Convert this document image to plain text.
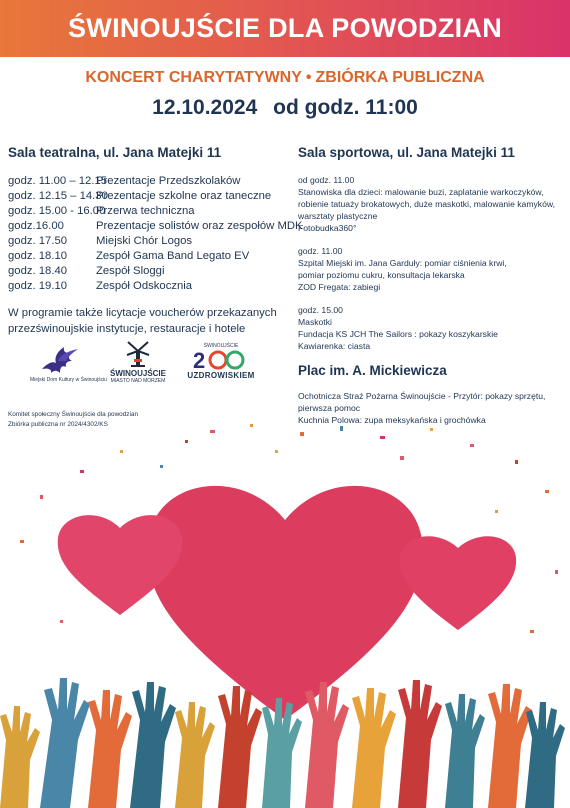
ŚWINOUJŚCIE DLA POWODZIAN
KONCERT CHARYTATYWNY • ZBIÓRKA PUBLICZNA
12.10.2024 od godz. 11:00
Sala teatralna, ul. Jana Matejki 11
godz. 11.00 – 12.15
Prezentacje Przedszkolaków
godz. 12.15 – 14.30
Prezentacje szkolne oraz taneczne
godz. 15.00 - 16.00
Przerwa techniczna
godz.16.00	Prezentacje solistów oraz zespołów MDK
godz. 17.50	Miejski Chór Logos
godz. 18.10	Zespół Gama Band Legato EV
godz. 18.40	Zespół Sloggi
godz. 19.10	Zespół Odskocznia
W programie także licytacje voucherów przekazanych przezświnoujskie instytucje, restauracje i hotele
Miejski Dom Kultury w Świnoujściu
ŚWINOUJŚCIE
MIASTO NAD MORZEM
ŚWINOUJŚCIE
2
UZDROWISKIEM
Komitet społeczny Świnoujście dla powodzian
Zbiórka publiczna nr 2024/4302/KS
Sala sportowa, ul. Jana Matejki 11
od godz. 11.00
Stanowiska dla dzieci: malowanie buzi, zaplatanie warkoczyków,
robienie tatuaży brokatowych, duże maskotki, malowanie kamyków,
warsztaty plastyczne
Fotobudka360°
godz. 11.00
Szpital Miejski im. Jana Garduły: pomiar ciśnienia krwi,
pomiar poziomu cukru, konsultacja lekarska
ZOD Fregata: zabiegi
godz. 15.00
Maskotki
Fundacja KS JCH The Sailors : pokazy koszykarskie
Kawiarenka: ciasta
Plac im. A. Mickiewicza
Ochotnicza Straż Pożarna Świnoujście - Przytór: pokazy sprzętu,
pierwsza pomoc
Kuchnia Polowa: zupa meksykańska i grochówka
